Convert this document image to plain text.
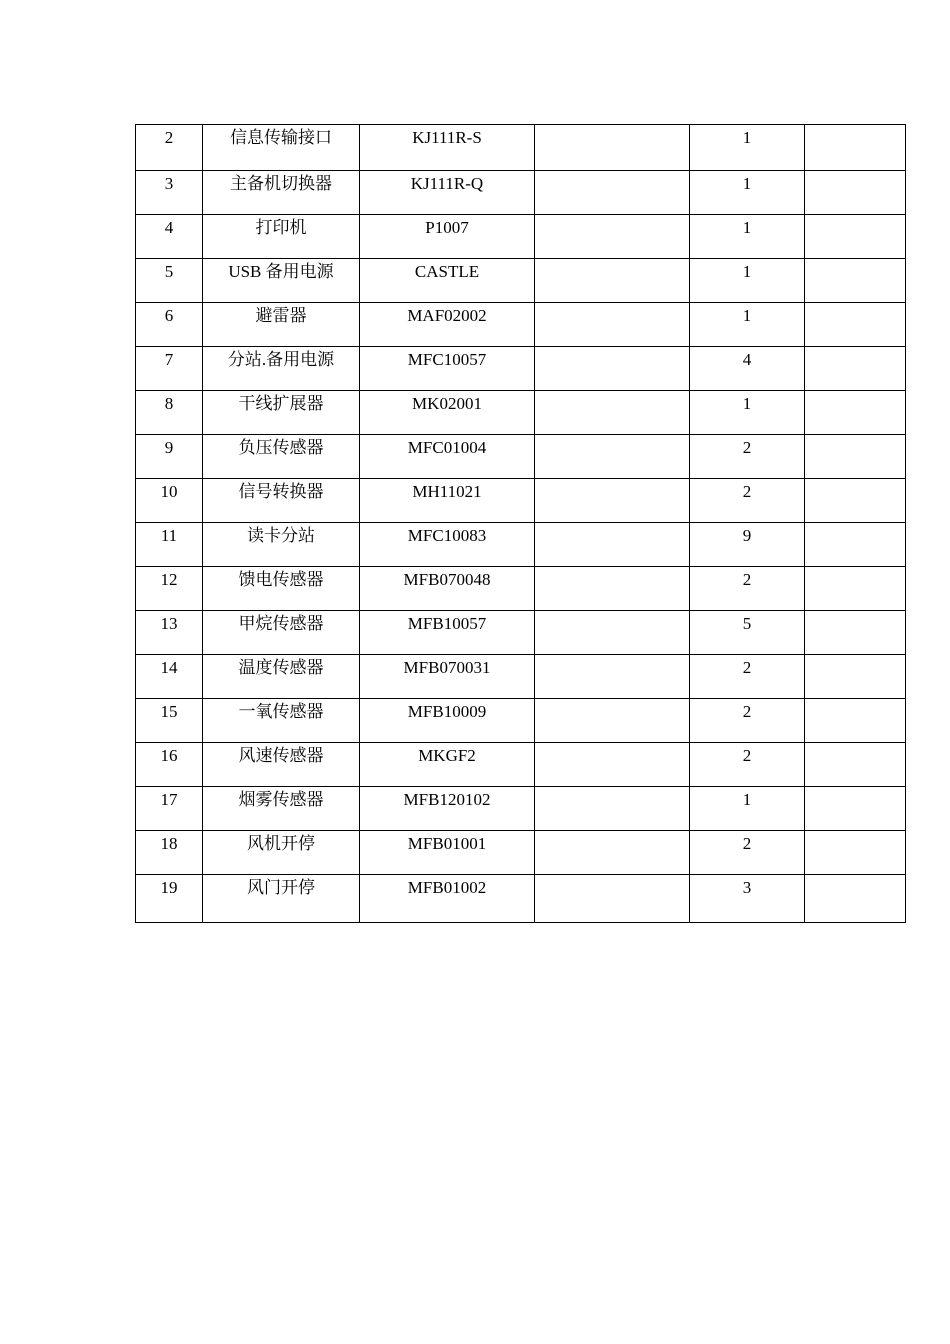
2	信息传输接口	KJ111R-S		1	
3	主备机切换器	KJ111R-Q		1	
4	打印机	P1007		1	
5	USB 备用电源	CASTLE		1	
6	避雷器	MAF02002		1	
7	分站.备用电源	MFC10057		4	
8	干线扩展器	MK02001		1	
9	负压传感器	MFC01004		2	
10	信号转换器	MH11021		2	
11	读卡分站	MFC10083		9	
12	馈电传感器	MFB070048		2	
13	甲烷传感器	MFB10057		5	
14	温度传感器	MFB070031		2	
15	一氧传感器	MFB10009		2	
16	风速传感器	MKGF2		2	
17	烟雾传感器	MFB120102		1	
18	风机开停	MFB01001		2	
19	风门开停	MFB01002		3	
